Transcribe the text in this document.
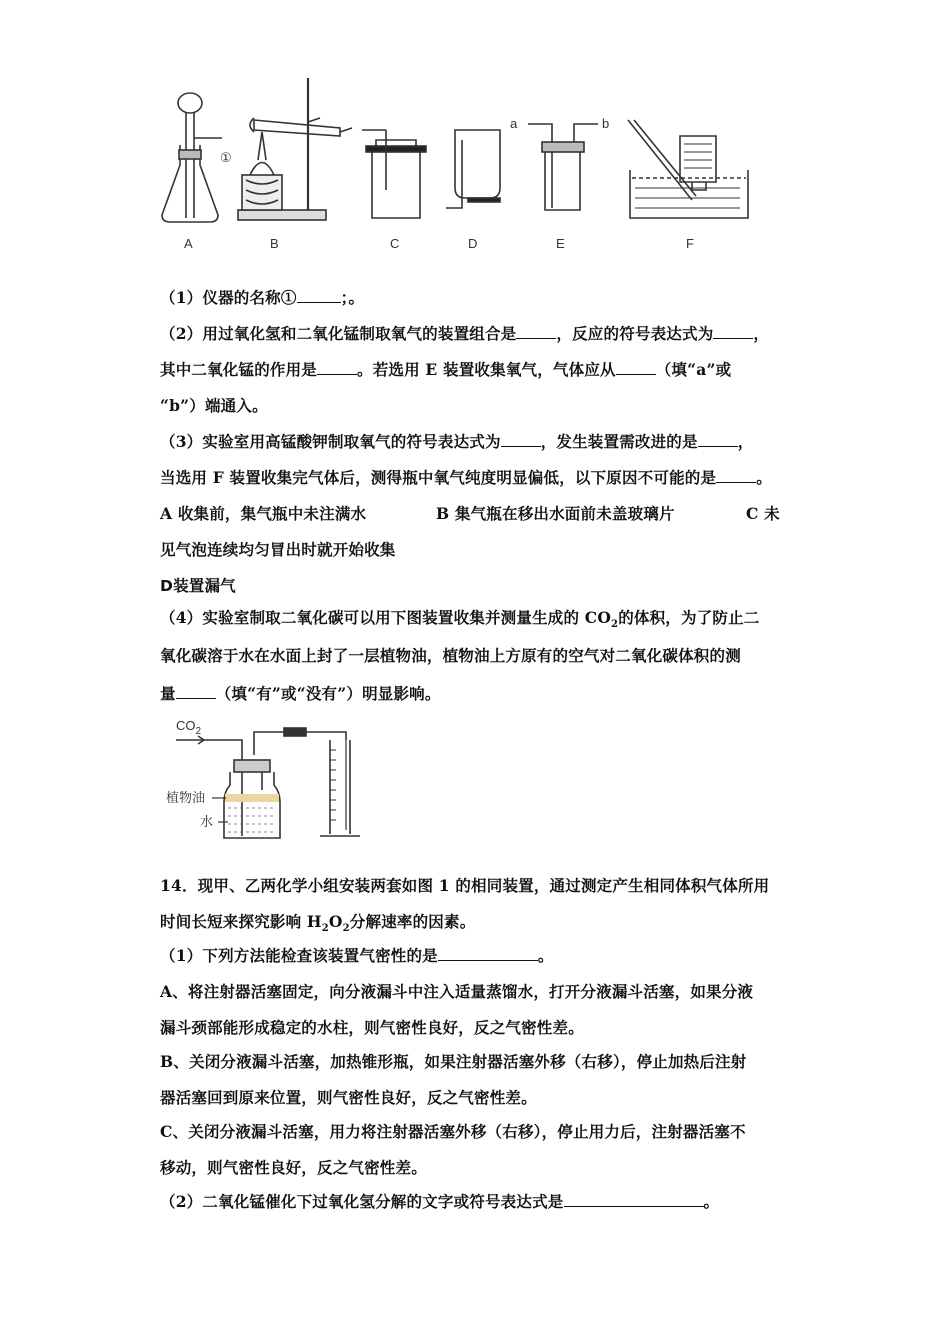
A	B	C	D	E	F
①
a	b
（1）仪器的名称①	；。
（2）用过氧化氢和二氧化锰制取氧气的装置组合是	，反应的符号表达式为	，
其中二氧化锰的作用是	。若选用 E 装置收集氧气，气体应从	（填“a”或
“b”）端通入。
（3）实验室用高锰酸钾制取氧气的符号表达式为	，发生装置需改进的是	，
当选用 F 装置收集完气体后，测得瓶中氧气纯度明显偏低，以下原因不可能的是	。
A 收集前，集气瓶中未注满水	B 集气瓶在移出水面前未盖玻璃片	C 未
见气泡连续均匀冒出时就开始收集
D装置漏气
（4）实验室制取二氧化碳可以用下图装置收集并测量生成的 $CO_2$的体积，为了防止二
氧化碳溶于水在水面上封了一层植物油，植物油上方原有的空气对二氧化碳体积的测
量	（填“有”或“没有”）明显影响。
$CO_2$
植物油
水
14．现甲、乙两化学小组安装两套如图 1 的相同装置，通过测定产生相同体积气体所用
时间长短来探究影响 $H_2O_2$分解速率的因素。
（1）下列方法能检查该装置气密性的是	。
A、将注射器活塞固定，向分液漏斗中注入适量蒸馏水，打开分液漏斗活塞，如果分液
漏斗颈部能形成稳定的水柱，则气密性良好，反之气密性差。
B、关闭分液漏斗活塞，加热锥形瓶，如果注射器活塞外移（右移），停止加热后注射
器活塞回到原来位置，则气密性良好，反之气密性差。
C、关闭分液漏斗活塞，用力将注射器活塞外移（右移），停止用力后，注射器活塞不
移动，则气密性良好，反之气密性差。
（2）二氧化锰催化下过氧化氢分解的文字或符号表达式是	。
